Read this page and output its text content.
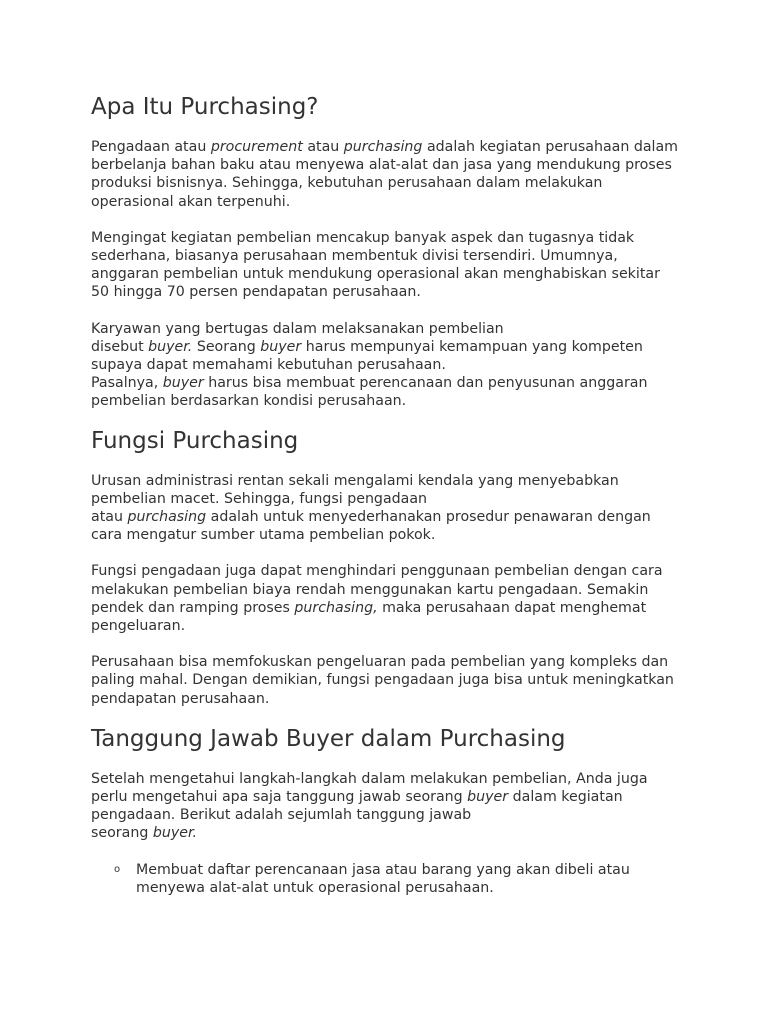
Apa Itu Purchasing?

Pengadaan atau procurement atau purchasing adalah kegiatan perusahaan dalam berbelanja bahan baku atau menyewa alat-alat dan jasa yang mendukung proses produksi bisnisnya. Sehingga, kebutuhan perusahaan dalam melakukan operasional akan terpenuhi.

Mengingat kegiatan pembelian mencakup banyak aspek dan tugasnya tidak sederhana, biasanya perusahaan membentuk divisi tersendiri. Umumnya, anggaran pembelian untuk mendukung operasional akan menghabiskan sekitar 50 hingga 70 persen pendapatan perusahaan.

Karyawan yang bertugas dalam melaksanakan pembelian
disebut buyer. Seorang buyer harus mempunyai kemampuan yang kompeten supaya dapat memahami kebutuhan perusahaan.
Pasalnya, buyer harus bisa membuat perencanaan dan penyusunan anggaran pembelian berdasarkan kondisi perusahaan.

Fungsi Purchasing

Urusan administrasi rentan sekali mengalami kendala yang menyebabkan pembelian macet. Sehingga, fungsi pengadaan
atau purchasing adalah untuk menyederhanakan prosedur penawaran dengan cara mengatur sumber utama pembelian pokok.

Fungsi pengadaan juga dapat menghindari penggunaan pembelian dengan cara melakukan pembelian biaya rendah menggunakan kartu pengadaan. Semakin pendek dan ramping proses purchasing, maka perusahaan dapat menghemat pengeluaran.

Perusahaan bisa memfokuskan pengeluaran pada pembelian yang kompleks dan paling mahal. Dengan demikian, fungsi pengadaan juga bisa untuk meningkatkan pendapatan perusahaan.

Tanggung Jawab Buyer dalam Purchasing

Setelah mengetahui langkah-langkah dalam melakukan pembelian, Anda juga perlu mengetahui apa saja tanggung jawab seorang buyer dalam kegiatan pengadaan. Berikut adalah sejumlah tanggung jawab
seorang buyer.

o Membuat daftar perencanaan jasa atau barang yang akan dibeli atau menyewa alat-alat untuk operasional perusahaan.
